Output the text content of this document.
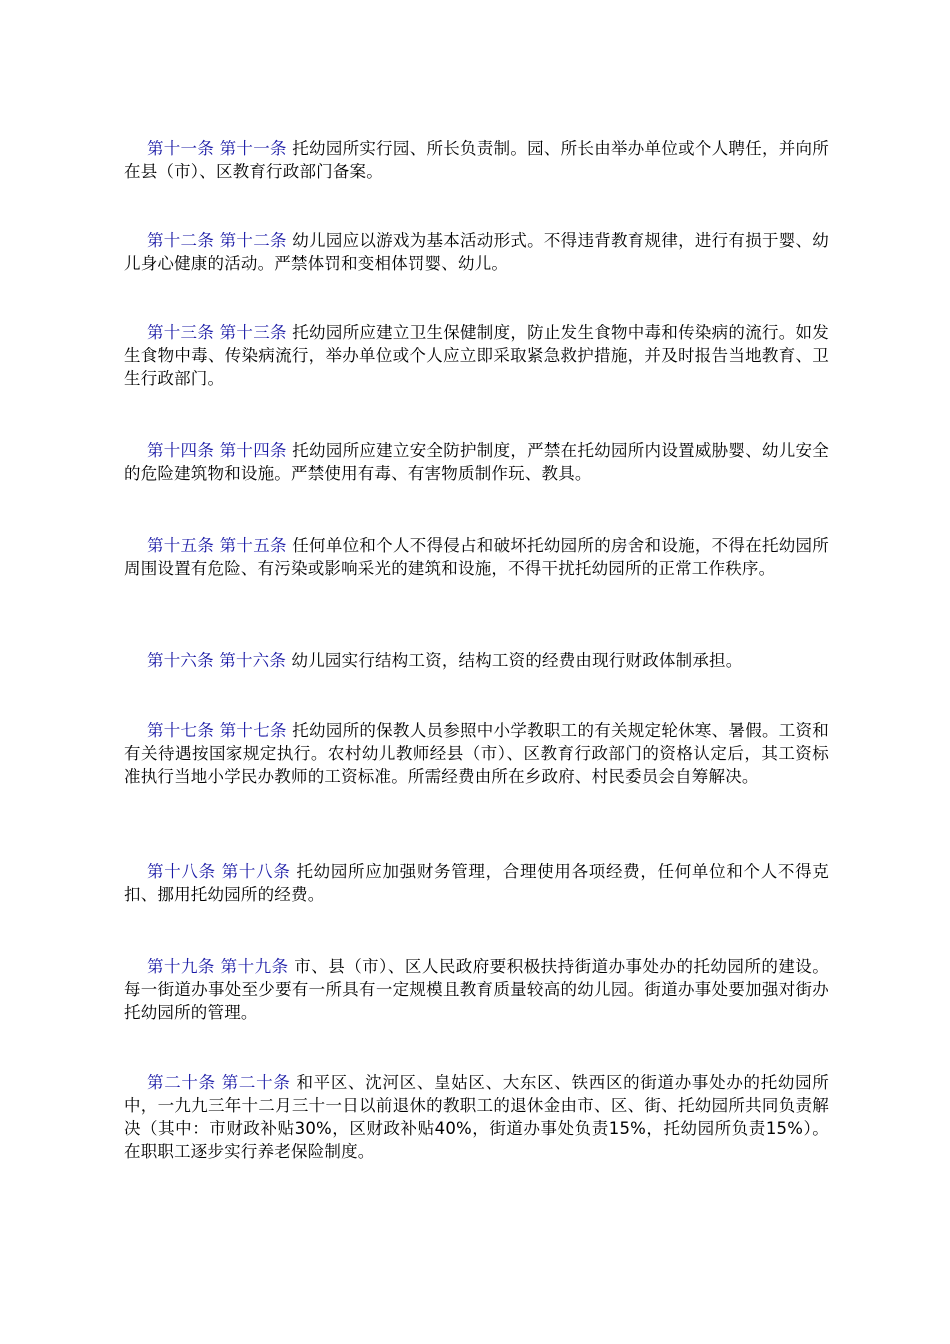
第十一条 第十一条 托幼园所实行园、所长负责制。园、所长由举办单位或个人聘任，并向所在县（市）、区教育行政部门备案。

第十二条 第十二条 幼儿园应以游戏为基本活动形式。不得违背教育规律，进行有损于婴、幼儿身心健康的活动。严禁体罚和变相体罚婴、幼儿。

第十三条 第十三条 托幼园所应建立卫生保健制度，防止发生食物中毒和传染病的流行。如发生食物中毒、传染病流行，举办单位或个人应立即采取紧急救护措施，并及时报告当地教育、卫生行政部门。

第十四条 第十四条 托幼园所应建立安全防护制度，严禁在托幼园所内设置威胁婴、幼儿安全的危险建筑物和设施。严禁使用有毒、有害物质制作玩、教具。

第十五条 第十五条 任何单位和个人不得侵占和破坏托幼园所的房舍和设施，不得在托幼园所周围设置有危险、有污染或影响采光的建筑和设施，不得干扰托幼园所的正常工作秩序。

第十六条 第十六条 幼儿园实行结构工资，结构工资的经费由现行财政体制承担。

第十七条 第十七条 托幼园所的保教人员参照中小学教职工的有关规定轮休寒、暑假。工资和有关待遇按国家规定执行。农村幼儿教师经县（市）、区教育行政部门的资格认定后，其工资标准执行当地小学民办教师的工资标准。所需经费由所在乡政府、村民委员会自筹解决。

第十八条 第十八条 托幼园所应加强财务管理，合理使用各项经费，任何单位和个人不得克扣、挪用托幼园所的经费。

第十九条 第十九条 市、县（市）、区人民政府要积极扶持街道办事处办的托幼园所的建设。每一街道办事处至少要有一所具有一定规模且教育质量较高的幼儿园。街道办事处要加强对街办托幼园所的管理。

第二十条 第二十条 和平区、沈河区、皇姑区、大东区、铁西区的街道办事处办的托幼园所中，一九九三年十二月三十一日以前退休的教职工的退休金由市、区、街、托幼园所共同负责解决（其中：市财政补贴30%，区财政补贴40%，街道办事处负责15%，托幼园所负责15%）。在职职工逐步实行养老保险制度。
